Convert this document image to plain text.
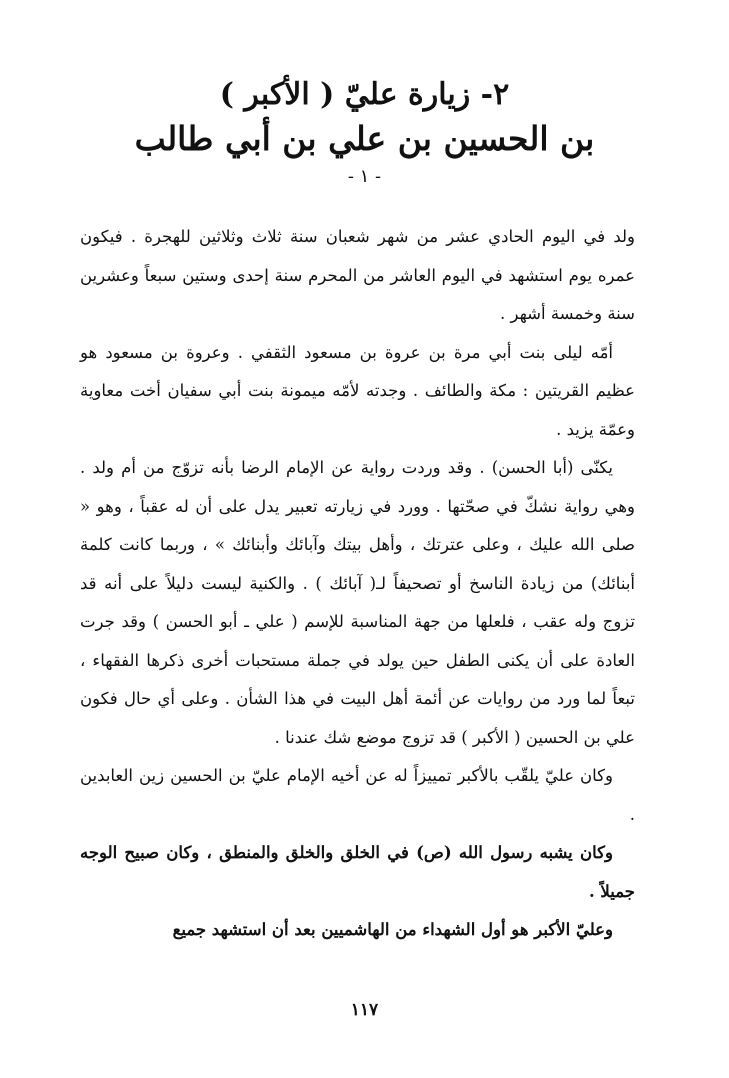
٢- زيارة عليّ ( الأكبر )
بن الحسين بن علي بن أبي طالب
- ١ -

ولد في اليوم الحادي عشر من شهر شعبان سنة ثلاث وثلاثين للهجرة . فيكون عمره يوم استشهد في اليوم العاشر من المحرم سنة إحدى وستين سبعاً وعشرين سنة وخمسة أشهر .

أمّه ليلى بنت أبي مرة بن عروة بن مسعود الثقفي . وعروة بن مسعود هو عظيم القريتين : مكة والطائف . وجدته لأمّه ميمونة بنت أبي سفيان أخت معاوية وعمّة يزيد .

يكنّى (أبا الحسن) . وقد وردت رواية عن الإمام الرضا بأنه تزوّج من أم ولد . وهي رواية نشكّ في صحّتها . وورد في زيارته تعبير يدل على أن له عقباً ، وهو « صلى الله عليك ، وعلى عترتك ، وأهل بيتك وآبائك وأبنائك » ، وربما كانت كلمة أبنائك) من زيادة الناسخ أو تصحيفاً لـ( آبائك ) . والكنية ليست دليلاً على أنه قد تزوج وله عقب ، فلعلها من جهة المناسبة للإسم ( علي ـ أبو الحسن ) وقد جرت العادة على أن يكنى الطفل حين يولد في جملة مستحبات أخرى ذكرها الفقهاء ، تبعاً لما ورد من روايات عن أئمة أهل البيت في هذا الشأن . وعلى أي حال فكون علي بن الحسين ( الأكبر ) قد تزوج موضع شك عندنا .

وكان عليّ يلقّب بالأكبر تمييزاً له عن أخيه الإمام عليّ بن الحسين زين العابدين .

وكان يشبه رسول الله (ص) في الخلق والخلق والمنطق ، وكان صبيح الوجه جميلاً .

وعليّ الأكبر هو أول الشهداء من الهاشميين بعد أن استشهد جميع

١١٧
